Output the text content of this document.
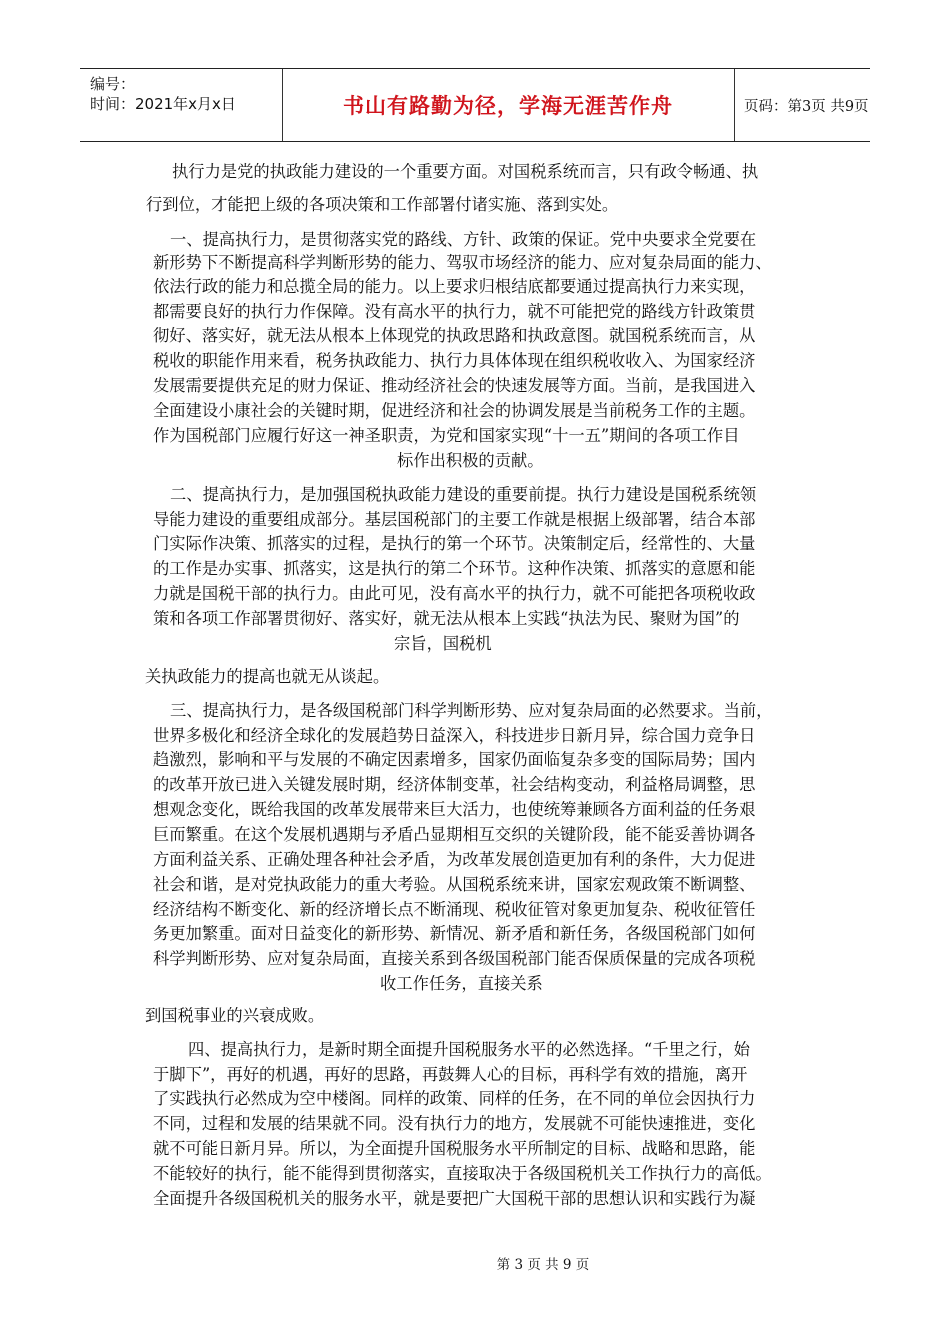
编号：
时间：2021年x月x日	书山有路勤为径，学海无涯苦作舟	页码：第3页 共9页
执行力是党的执政能力建设的一个重要方面。对国税系统而言，只有政令畅通、执
行到位，才能把上级的各项决策和工作部署付诸实施、落到实处。
一、提高执行力，是贯彻落实党的路线、方针、政策的保证。党中央要求全党要在
新形势下不断提高科学判断形势的能力、驾驭市场经济的能力、应对复杂局面的能力、
依法行政的能力和总揽全局的能力。以上要求归根结底都要通过提高执行力来实现，
都需要良好的执行力作保障。没有高水平的执行力，就不可能把党的路线方针政策贯
彻好、落实好，就无法从根本上体现党的执政思路和执政意图。就国税系统而言，从
税收的职能作用来看，税务执政能力、执行力具体体现在组织税收收入、为国家经济
发展需要提供充足的财力保证、推动经济社会的快速发展等方面。当前，是我国进入
全面建设小康社会的关键时期，促进经济和社会的协调发展是当前税务工作的主题。
作为国税部门应履行好这一神圣职责，为党和国家实现“十一五”期间的各项工作目
标作出积极的贡献。
二、提高执行力，是加强国税执政能力建设的重要前提。执行力建设是国税系统领
导能力建设的重要组成部分。基层国税部门的主要工作就是根据上级部署，结合本部
门实际作决策、抓落实的过程，是执行的第一个环节。决策制定后，经常性的、大量
的工作是办实事、抓落实，这是执行的第二个环节。这种作决策、抓落实的意愿和能
力就是国税干部的执行力。由此可见，没有高水平的执行力，就不可能把各项税收政
策和各项工作部署贯彻好、落实好，就无法从根本上实践“执法为民、聚财为国”的
宗旨，国税机
关执政能力的提高也就无从谈起。
三、提高执行力，是各级国税部门科学判断形势、应对复杂局面的必然要求。当前，
世界多极化和经济全球化的发展趋势日益深入，科技进步日新月异，综合国力竞争日
趋激烈，影响和平与发展的不确定因素增多，国家仍面临复杂多变的国际局势；国内
的改革开放已进入关键发展时期，经济体制变革，社会结构变动，利益格局调整，思
想观念变化，既给我国的改革发展带来巨大活力，也使统筹兼顾各方面利益的任务艰
巨而繁重。在这个发展机遇期与矛盾凸显期相互交织的关键阶段，能不能妥善协调各
方面利益关系、正确处理各种社会矛盾，为改革发展创造更加有利的条件，大力促进
社会和谐，是对党执政能力的重大考验。从国税系统来讲，国家宏观政策不断调整、
经济结构不断变化、新的经济增长点不断涌现、税收征管对象更加复杂、税收征管任
务更加繁重。面对日益变化的新形势、新情况、新矛盾和新任务，各级国税部门如何
科学判断形势、应对复杂局面，直接关系到各级国税部门能否保质保量的完成各项税
收工作任务，直接关系
到国税事业的兴衰成败。
四、提高执行力，是新时期全面提升国税服务水平的必然选择。“千里之行，始
于脚下”，再好的机遇，再好的思路，再鼓舞人心的目标，再科学有效的措施，离开
了实践执行必然成为空中楼阁。同样的政策、同样的任务，在不同的单位会因执行力
不同，过程和发展的结果就不同。没有执行力的地方，发展就不可能快速推进，变化
就不可能日新月异。所以，为全面提升国税服务水平所制定的目标、战略和思路，能
不能较好的执行，能不能得到贯彻落实，直接取决于各级国税机关工作执行力的高低。
全面提升各级国税机关的服务水平，就是要把广大国税干部的思想认识和实践行为凝
第 3 页 共 9 页
